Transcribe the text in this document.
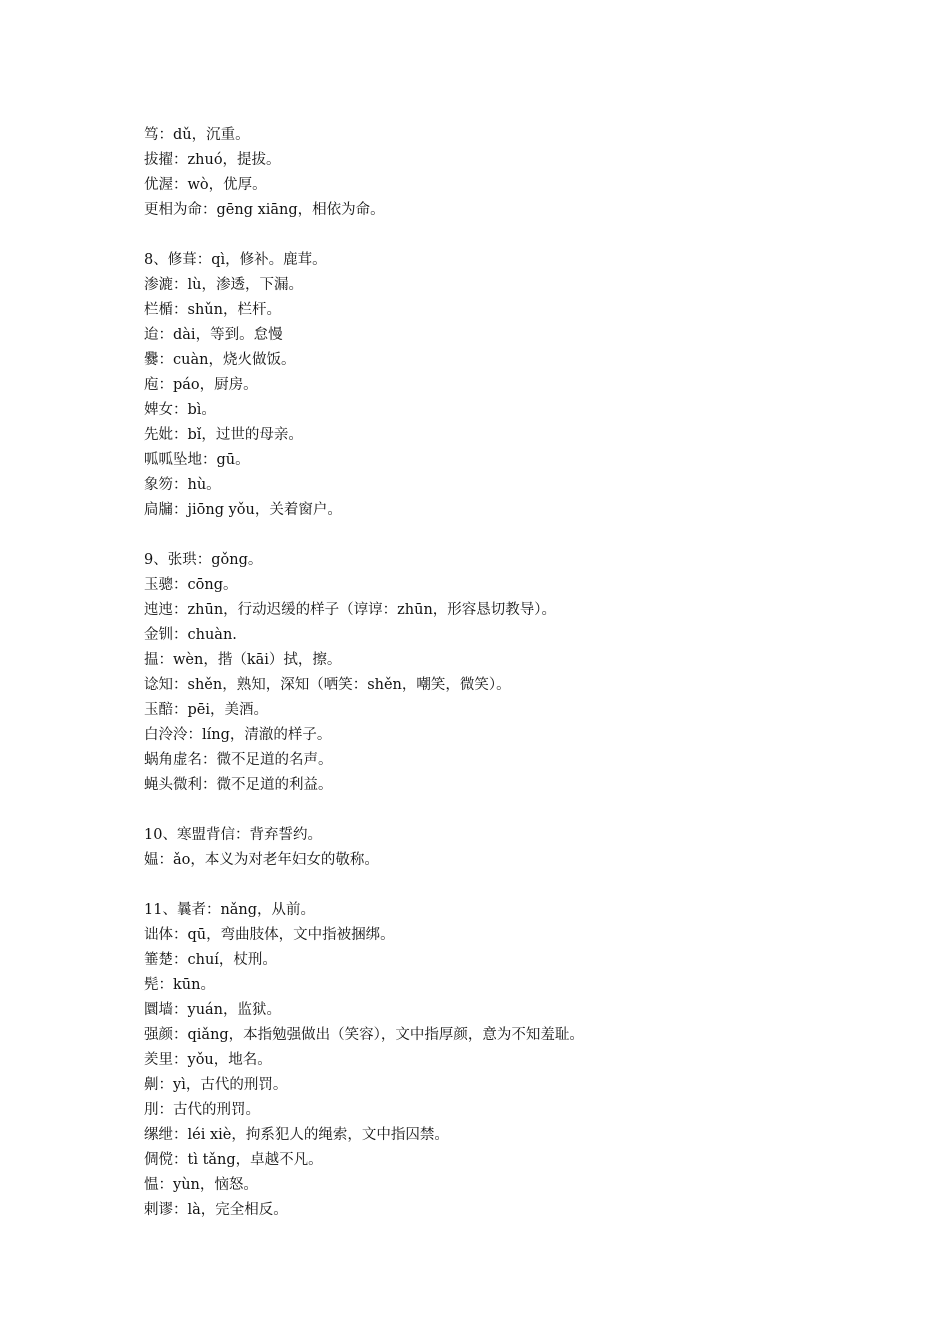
笃：dǔ，沉重。
拔擢：zhuó，提拔。
优渥：wò，优厚。
更相为命：gēng xiāng，相依为命。
8、修葺：qì，修补。鹿茸。
渗漉：lù，渗透，下漏。
栏楯：shǔn，栏杆。
迨：dài，等到。怠慢
爨：cuàn，烧火做饭。
庖：páo，厨房。
婢女：bì。
先妣：bǐ，过世的母亲。
呱呱坠地：gū。
象笏：hù。
扃牖：jiōng yǒu，关着窗户。
9、张珙：gǒng。
玉骢：cōng。
迍迍：zhūn，行动迟缓的样子（谆谆：zhūn，形容恳切教导）。
金钏：chuàn.
揾：wèn，揩（kāi）拭，擦。
谂知：shěn，熟知，深知（哂笑：shěn，嘲笑，微笑）。
玉醅：pēi，美酒。
白泠泠：líng，清澈的样子。
蜗角虚名：微不足道的名声。
蝇头微利：微不足道的利益。
10、寒盟背信：背弃誓约。
媪：ǎo，本义为对老年妇女的敬称。
11、曩者：nǎng，从前。
诎体：qū，弯曲肢体，文中指被捆绑。
箠楚：chuí，杖刑。
髡：kūn。
圜墙：yuán，监狱。
强颜：qiǎng，本指勉强做出（笑容），文中指厚颜，意为不知羞耻。
羑里：yǒu，地名。
劓：yì，古代的刑罚。
刖：古代的刑罚。
缧绁：léi xiè，拘系犯人的绳索，文中指囚禁。
倜傥：tì tǎng，卓越不凡。
愠：yùn，恼怒。
剌谬：là，完全相反。
